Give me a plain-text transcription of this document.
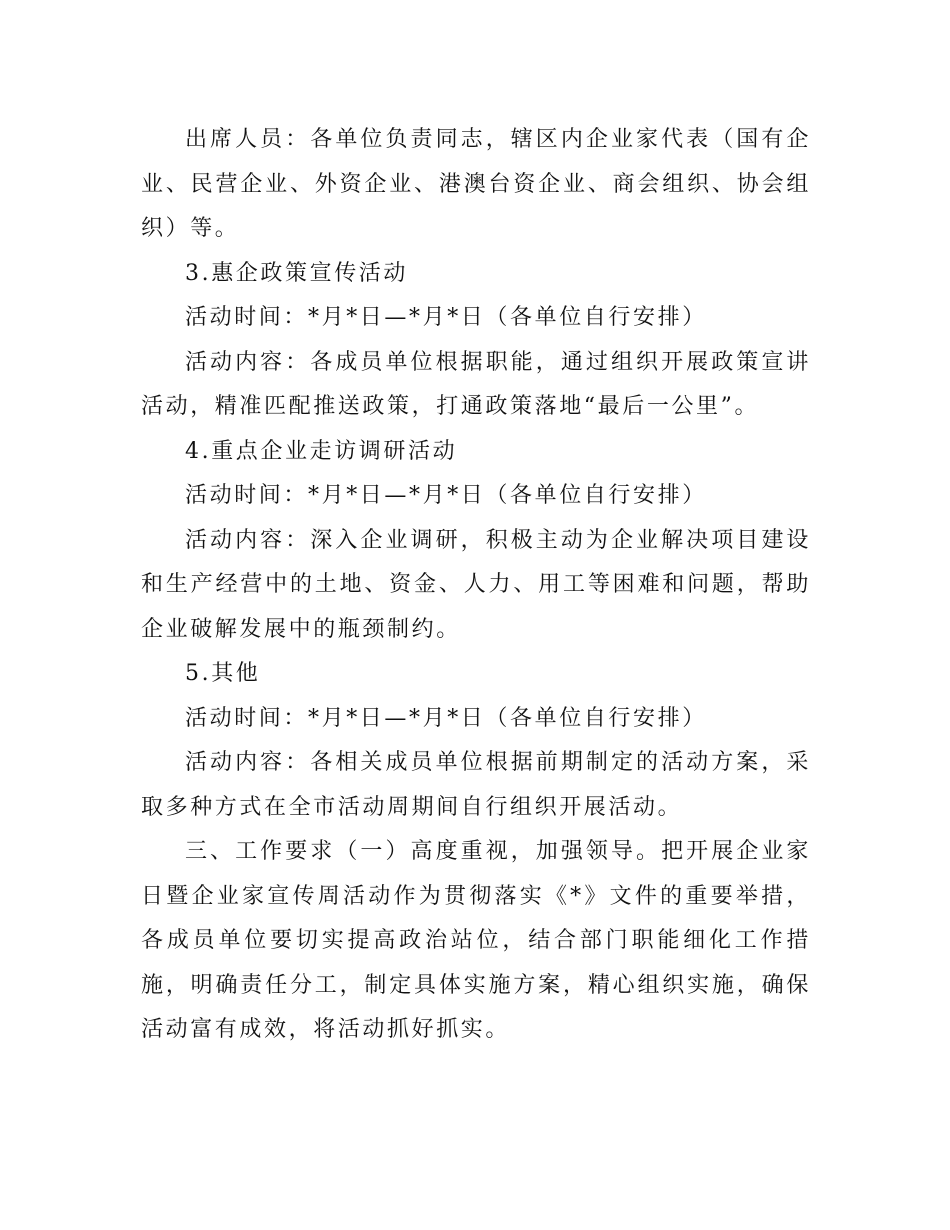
出席人员：各单位负责同志，辖区内企业家代表（国有企业、民营企业、外资企业、港澳台资企业、商会组织、协会组织）等。

3.惠企政策宣传活动

活动时间：*月*日—*月*日（各单位自行安排）

活动内容：各成员单位根据职能，通过组织开展政策宣讲活动，精准匹配推送政策，打通政策落地“最后一公里”。

4.重点企业走访调研活动

活动时间：*月*日—*月*日（各单位自行安排）

活动内容：深入企业调研，积极主动为企业解决项目建设和生产经营中的土地、资金、人力、用工等困难和问题，帮助企业破解发展中的瓶颈制约。

5.其他

活动时间：*月*日—*月*日（各单位自行安排）

活动内容：各相关成员单位根据前期制定的活动方案，采取多种方式在全市活动周期间自行组织开展活动。

三、工作要求（一）高度重视，加强领导。把开展企业家日暨企业家宣传周活动作为贯彻落实《*》文件的重要举措，各成员单位要切实提高政治站位，结合部门职能细化工作措施，明确责任分工，制定具体实施方案，精心组织实施，确保活动富有成效，将活动抓好抓实。
